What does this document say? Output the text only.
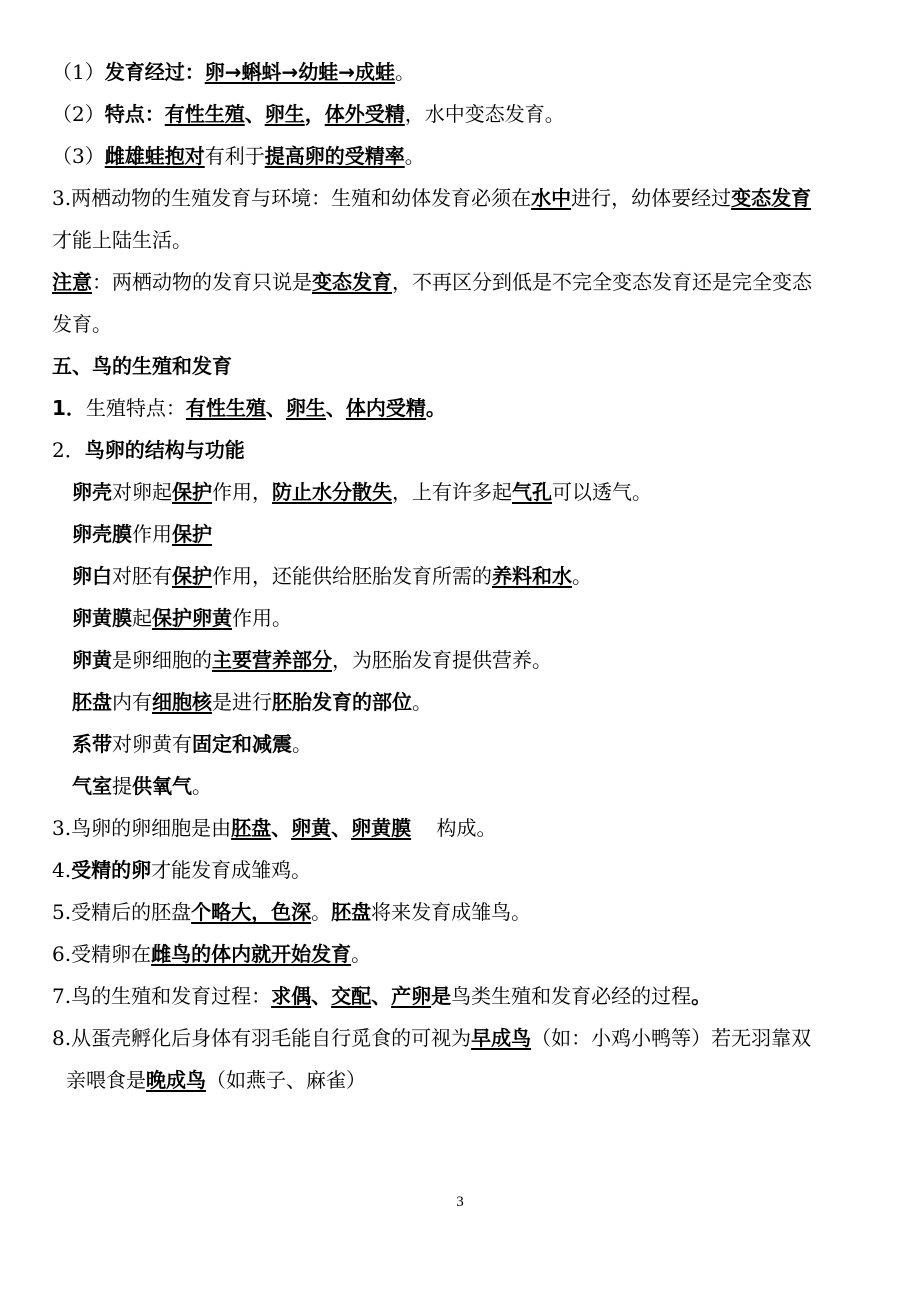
（1）发育经过：卵→蝌蚪→幼蛙→成蛙。
（2）特点：有性生殖、卵生，体外受精，水中变态发育。
（3）雌雄蛙抱对有利于提高卵的受精率。
3.两栖动物的生殖发育与环境：生殖和幼体发育必须在水中进行，幼体要经过变态发育
才能上陆生活。
注意：两栖动物的发育只说是变态发育，不再区分到低是不完全变态发育还是完全变态
发育。
五、鸟的生殖和发育
1．生殖特点：有性生殖、卵生、体内受精。
2．鸟卵的结构与功能
卵壳对卵起保护作用，防止水分散失，上有许多起气孔可以透气。
卵壳膜作用保护
卵白对胚有保护作用，还能供给胚胎发育所需的养料和水。
卵黄膜起保护卵黄作用。
卵黄是卵细胞的主要营养部分，为胚胎发育提供营养。
胚盘内有细胞核是进行胚胎发育的部位。
系带对卵黄有固定和减震。
气室提供氧气。
3.鸟卵的卵细胞是由胚盘、卵黄、卵黄膜    构成。
4.受精的卵才能发育成雏鸡。
5.受精后的胚盘个略大，色深。胚盘将来发育成雏鸟。
6.受精卵在雌鸟的体内就开始发育。
7.鸟的生殖和发育过程：求偶、交配、产卵是鸟类生殖和发育必经的过程。
8.从蛋壳孵化后身体有羽毛能自行觅食的可视为早成鸟（如：小鸡小鸭等）若无羽靠双
亲喂食是晚成鸟（如燕子、麻雀）
3
